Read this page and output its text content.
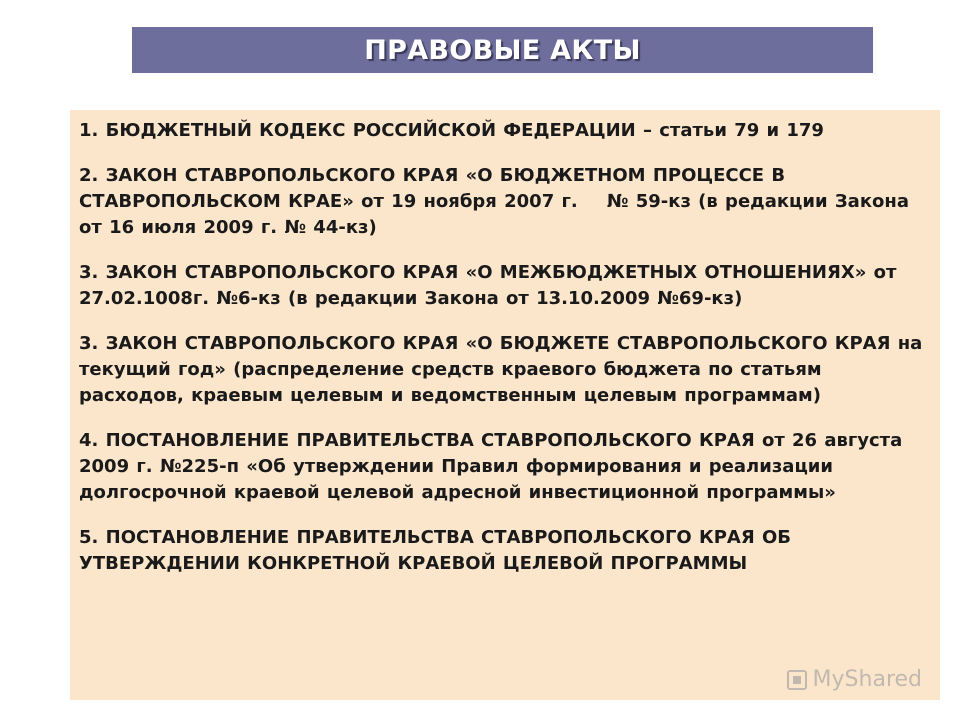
ПРАВОВЫЕ АКТЫ
1. БЮДЖЕТНЫЙ КОДЕКС РОССИЙСКОЙ ФЕДЕРАЦИИ – статьи 79 и 179
2. ЗАКОН СТАВРОПОЛЬСКОГО КРАЯ «О БЮДЖЕТНОМ ПРОЦЕССЕ В СТАВРОПОЛЬСКОМ КРАЕ» от 19 ноября 2007 г.    № 59-кз (в редакции Закона от 16 июля 2009 г. № 44-кз)
3. ЗАКОН СТАВРОПОЛЬСКОГО КРАЯ «О МЕЖБЮДЖЕТНЫХ ОТНОШЕНИЯХ» от 27.02.1008г. №6-кз (в редакции Закона от 13.10.2009 №69-кз)
3. ЗАКОН СТАВРОПОЛЬСКОГО КРАЯ «О БЮДЖЕТЕ СТАВРОПОЛЬСКОГО КРАЯ на текущий год» (распределение средств краевого бюджета по статьям расходов, краевым целевым и ведомственным целевым программам)
4. ПОСТАНОВЛЕНИЕ ПРАВИТЕЛЬСТВА СТАВРОПОЛЬСКОГО КРАЯ от 26 августа 2009 г. №225-п «Об утверждении Правил формирования и реализации долгосрочной краевой целевой адресной инвестиционной программы»
5. ПОСТАНОВЛЕНИЕ ПРАВИТЕЛЬСТВА СТАВРОПОЛЬСКОГО КРАЯ ОБ УТВЕРЖДЕНИИ КОНКРЕТНОЙ КРАЕВОЙ ЦЕЛЕВОЙ ПРОГРАММЫ
MyShared
